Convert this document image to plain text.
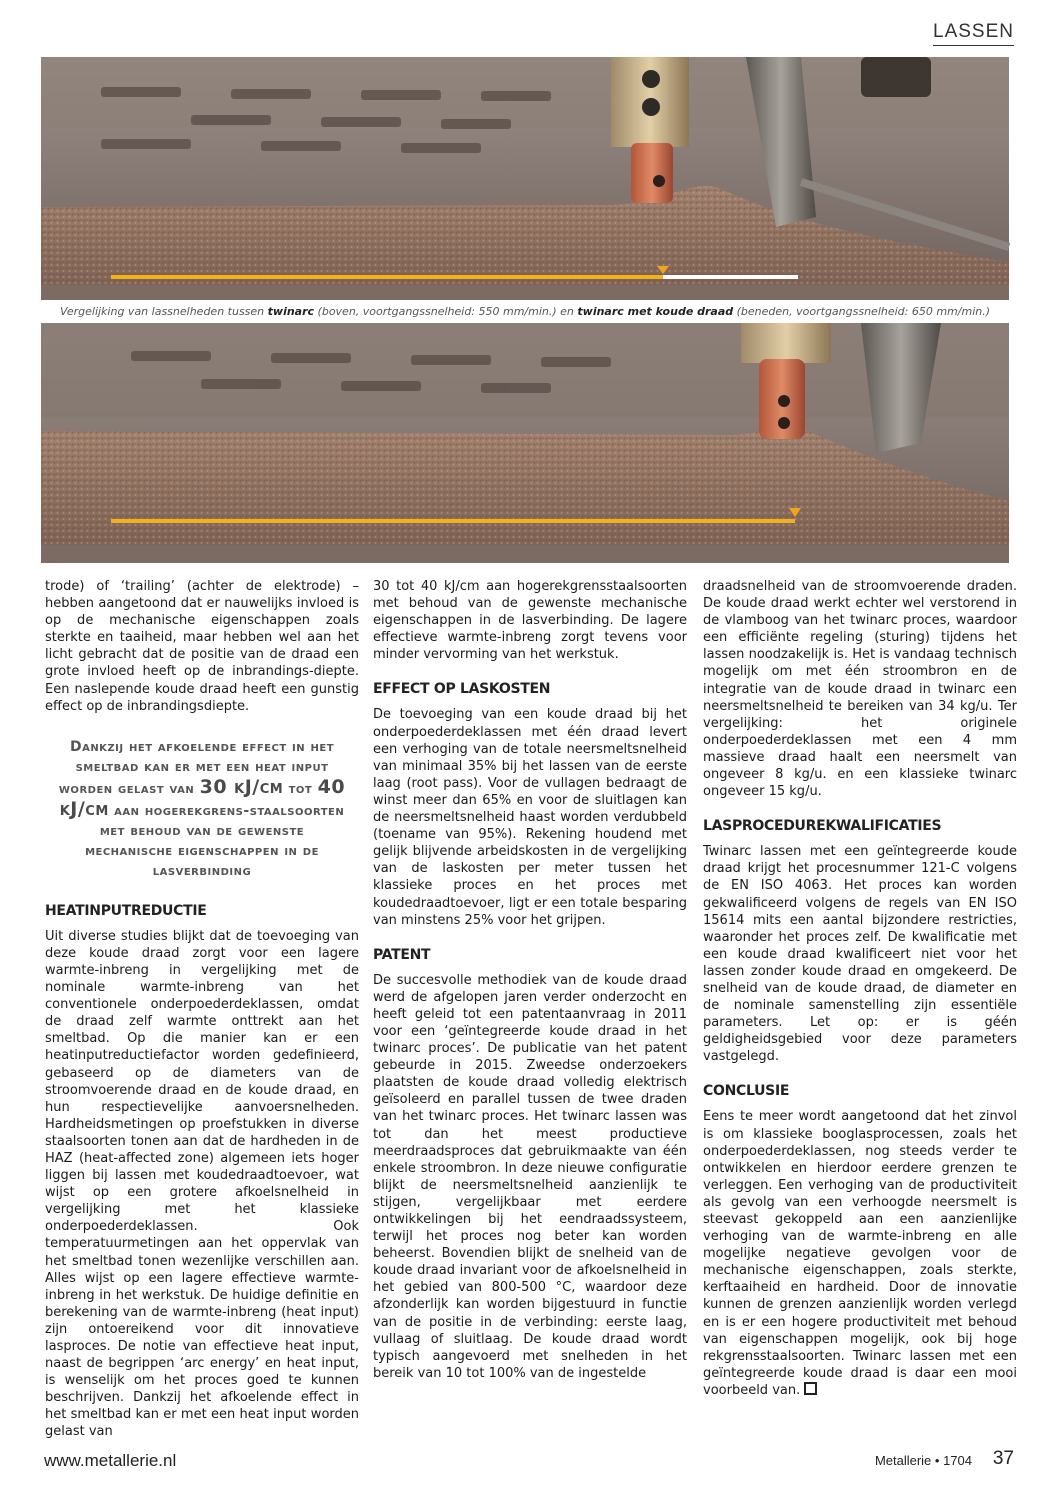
LASSEN
Vergelijking van lassnelheden tussen twinarc (boven, voortgangssnelheid: 550 mm/min.) en twinarc met koude draad (beneden, voortgangssnelheid: 650 mm/min.)

trode) of ‘trailing’ (achter de elektrode) – hebben aangetoond dat er nauwelijks invloed is op de mechanische eigenschappen zoals sterkte en taaiheid, maar hebben wel aan het licht gebracht dat de positie van de draad een grote invloed heeft op de inbrandings-diepte. Een naslepende koude draad heeft een gunstig effect op de inbrandingsdiepte.

Dankzij het afkoelende effect in het smeltbad kan er met een heat input worden gelast van 30 kJ/cm tot 40 kJ/cm aan hogerekgrens-staalsoorten met behoud van de gewenste mechanische eigenschappen in de lasverbinding
HEATINPUTREDUCTIE

Uit diverse studies blijkt dat de toevoeging van deze koude draad zorgt voor een lagere warmte-inbreng in vergelijking met de nominale warmte-inbreng van het conventionele onderpoederdeklassen, omdat de draad zelf warmte onttrekt aan het smeltbad. Op die manier kan er een heatinputreductiefactor worden gedefinieerd, gebaseerd op de diameters van de stroomvoerende draad en de koude draad, en hun respectievelijke aanvoersnelheden. Hardheidsmetingen op proefstukken in diverse staalsoorten tonen aan dat de hardheden in de HAZ (heat-affected zone) algemeen iets hoger liggen bij lassen met koudedraadtoevoer, wat wijst op een grotere afkoelsnelheid in vergelijking met het klassieke onderpoederdeklassen. Ook temperatuurmetingen aan het oppervlak van het smeltbad tonen wezenlijke verschillen aan. Alles wijst op een lagere effectieve warmte-inbreng in het werkstuk. De huidige definitie en berekening van de warmte-inbreng (heat input) zijn ontoereikend voor dit innovatieve lasproces. De notie van effectieve heat input, naast de begrippen ‘arc energy’ en heat input, is wenselijk om het proces goed te kunnen beschrijven. Dankzij het afkoelende effect in het smeltbad kan er met een heat input worden gelast van

30 tot 40 kJ/cm aan hogerekgrensstaalsoorten met behoud van de gewenste mechanische eigenschappen in de lasverbinding. De lagere effectieve warmte-inbreng zorgt tevens voor minder vervorming van het werkstuk.

EFFECT OP LASKOSTEN

De toevoeging van een koude draad bij het onderpoederdeklassen met één draad levert een verhoging van de totale neersmeltsnelheid van minimaal 35% bij het lassen van de eerste laag (root pass). Voor de vullagen bedraagt de winst meer dan 65% en voor de sluitlagen kan de neersmeltsnelheid haast worden verdubbeld (toename van 95%). Rekening houdend met gelijk blijvende arbeidskosten in de vergelijking van de laskosten per meter tussen het klassieke proces en het proces met koudedraadtoevoer, ligt er een totale besparing van minstens 25% voor het grijpen.

PATENT

De succesvolle methodiek van de koude draad werd de afgelopen jaren verder onderzocht en heeft geleid tot een patentaanvraag in 2011 voor een ‘geïntegreerde koude draad in het twinarc proces’. De publicatie van het patent gebeurde in 2015. Zweedse onderzoekers plaatsten de koude draad volledig elektrisch geïsoleerd en parallel tussen de twee draden van het twinarc proces. Het twinarc lassen was tot dan het meest productieve meerdraadsproces dat gebruikmaakte van één enkele stroombron. In deze nieuwe configuratie blijkt de neersmeltsnelheid aanzienlijk te stijgen, vergelijkbaar met eerdere ontwikkelingen bij het eendraadssysteem, terwijl het proces nog beter kan worden beheerst. Bovendien blijkt de snelheid van de koude draad invariant voor de afkoelsnelheid in het gebied van 800-500 °C, waardoor deze afzonderlijk kan worden bijgestuurd in functie van de positie in de verbinding: eerste laag, vullaag of sluitlaag. De koude draad wordt typisch aangevoerd met snelheden in het bereik van 10 tot 100% van de ingestelde

draadsnelheid van de stroomvoerende draden. De koude draad werkt echter wel verstorend in de vlamboog van het twinarc proces, waardoor een efficiënte regeling (sturing) tijdens het lassen noodzakelijk is. Het is vandaag technisch mogelijk om met één stroombron en de integratie van de koude draad in twinarc een neersmeltsnelheid te bereiken van 34 kg/u. Ter vergelijking: het originele onderpoederdeklassen met een 4 mm massieve draad haalt een neersmelt van ongeveer 8 kg/u. en een klassieke twinarc ongeveer 15 kg/u.

LASPROCEDUREKWALIFICATIES

Twinarc lassen met een geïntegreerde koude draad krijgt het procesnummer 121-C volgens de EN ISO 4063. Het proces kan worden gekwalificeerd volgens de regels van EN ISO 15614 mits een aantal bijzondere restricties, waaronder het proces zelf. De kwalificatie met een koude draad kwalificeert niet voor het lassen zonder koude draad en omgekeerd. De snelheid van de koude draad, de diameter en de nominale samenstelling zijn essentiële parameters. Let op: er is géén geldigheidsgebied voor deze parameters vastgelegd.

CONCLUSIE

Eens te meer wordt aangetoond dat het zinvol is om klassieke booglasprocessen, zoals het onderpoederdeklassen, nog steeds verder te ontwikkelen en hierdoor eerdere grenzen te verleggen. Een verhoging van de productiviteit als gevolg van een verhoogde neersmelt is steevast gekoppeld aan een aanzienlijke verhoging van de warmte-inbreng en alle mogelijke negatieve gevolgen voor de mechanische eigenschappen, zoals sterkte, kerftaaiheid en hardheid. Door de innovatie kunnen de grenzen aanzienlijk worden verlegd en is er een hogere productiviteit met behoud van eigenschappen mogelijk, ook bij hoge rekgrensstaalsoorten. Twinarc lassen met een geïntegreerde koude draad is daar een mooi voorbeeld van.

www.metallerie.nl	Metallerie • 1704 37
